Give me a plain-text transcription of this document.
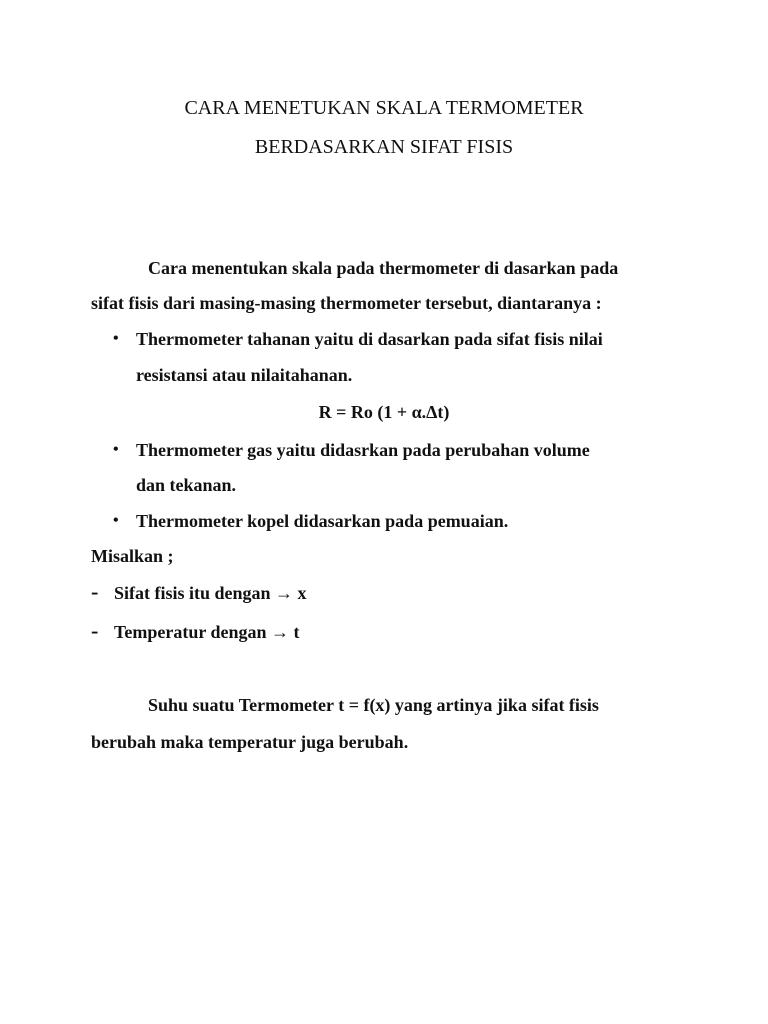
CARA MENETUKAN SKALA TERMOMETER
BERDASARKAN SIFAT FISIS
Cara menentukan skala pada thermometer di dasarkan pada
sifat fisis dari masing-masing thermometer tersebut, diantaranya :
• Thermometer tahanan yaitu di dasarkan pada sifat fisis nilai
resistansi atau nilaitahanan.
R = Ro (1 + α.Δt)
• Thermometer gas yaitu didasrkan pada perubahan volume
dan tekanan.
• Thermometer kopel didasarkan pada pemuaian.
Misalkan ;
- Sifat fisis itu dengan → x
- Temperatur dengan → t
Suhu suatu Termometer t = f(x) yang artinya jika sifat fisis
berubah maka temperatur juga berubah.
